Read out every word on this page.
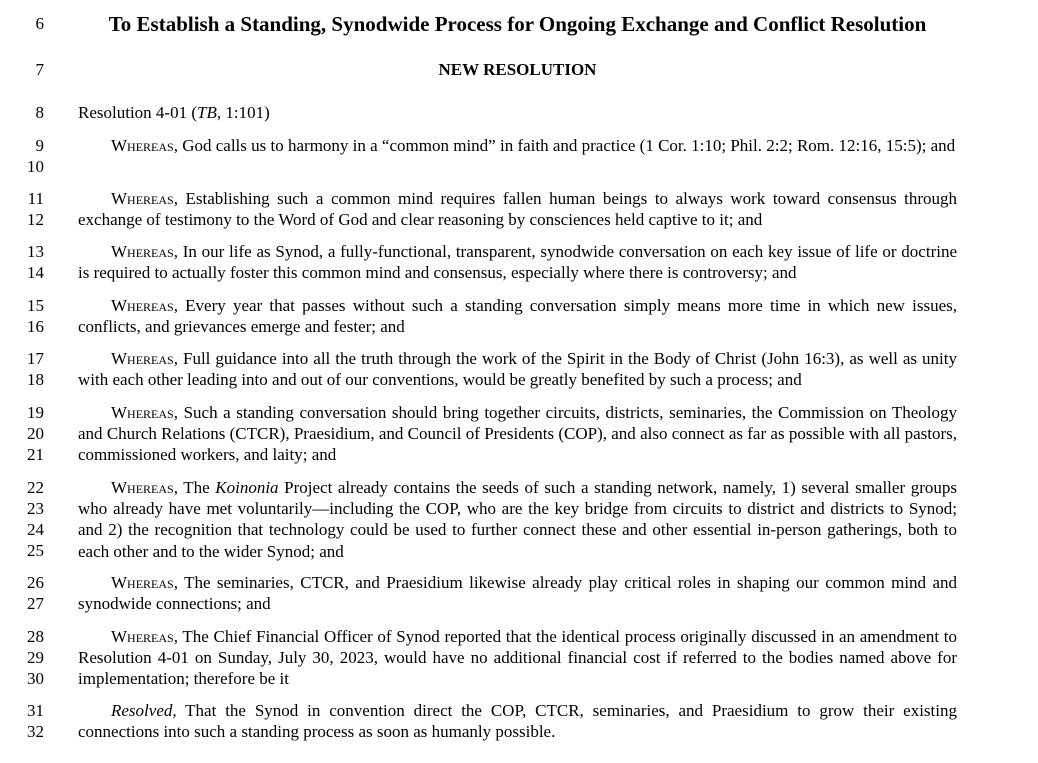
6
7
8
9
10
11
12
13
14
15
16
17
18
19
20
21
22
23
24
25
26
27
28
29
30
31
32
To Establish a Standing, Synodwide Process for Ongoing Exchange and Conflict Resolution
NEW RESOLUTION
Resolution 4-01 (TB, 1:101)
Whereas, God calls us to harmony in a “common mind” in faith and practice (1 Cor. 1:10; Phil. 2:2; Rom. 12:16, 15:5); and
Whereas, Establishing such a common mind requires fallen human beings to always work toward consensus through exchange of testimony to the Word of God and clear reasoning by consciences held captive to it; and
Whereas, In our life as Synod, a fully-functional, transparent, synodwide conversation on each key issue of life or doctrine is required to actually foster this common mind and consensus, especially where there is controversy; and
Whereas, Every year that passes without such a standing conversation simply means more time in which new issues, conflicts, and grievances emerge and fester; and
Whereas, Full guidance into all the truth through the work of the Spirit in the Body of Christ (John 16:3), as well as unity with each other leading into and out of our conventions, would be greatly benefited by such a process; and
Whereas, Such a standing conversation should bring together circuits, districts, seminaries, the Commission on Theology and Church Relations (CTCR), Praesidium, and Council of Presidents (COP), and also connect as far as possible with all pastors, commissioned workers, and laity; and
Whereas, The Koinonia Project already contains the seeds of such a standing network, namely, 1) several smaller groups who already have met voluntarily—including the COP, who are the key bridge from circuits to district and districts to Synod; and 2) the recognition that technology could be used to further connect these and other essential in-person gatherings, both to each other and to the wider Synod; and
Whereas, The seminaries, CTCR, and Praesidium likewise already play critical roles in shaping our common mind and synodwide connections; and
Whereas, The Chief Financial Officer of Synod reported that the identical process originally discussed in an amendment to Resolution 4-01 on Sunday, July 30, 2023, would have no additional financial cost if referred to the bodies named above for implementation; therefore be it
Resolved, That the Synod in convention direct the COP, CTCR, seminaries, and Praesidium to grow their existing connections into such a standing process as soon as humanly possible.
